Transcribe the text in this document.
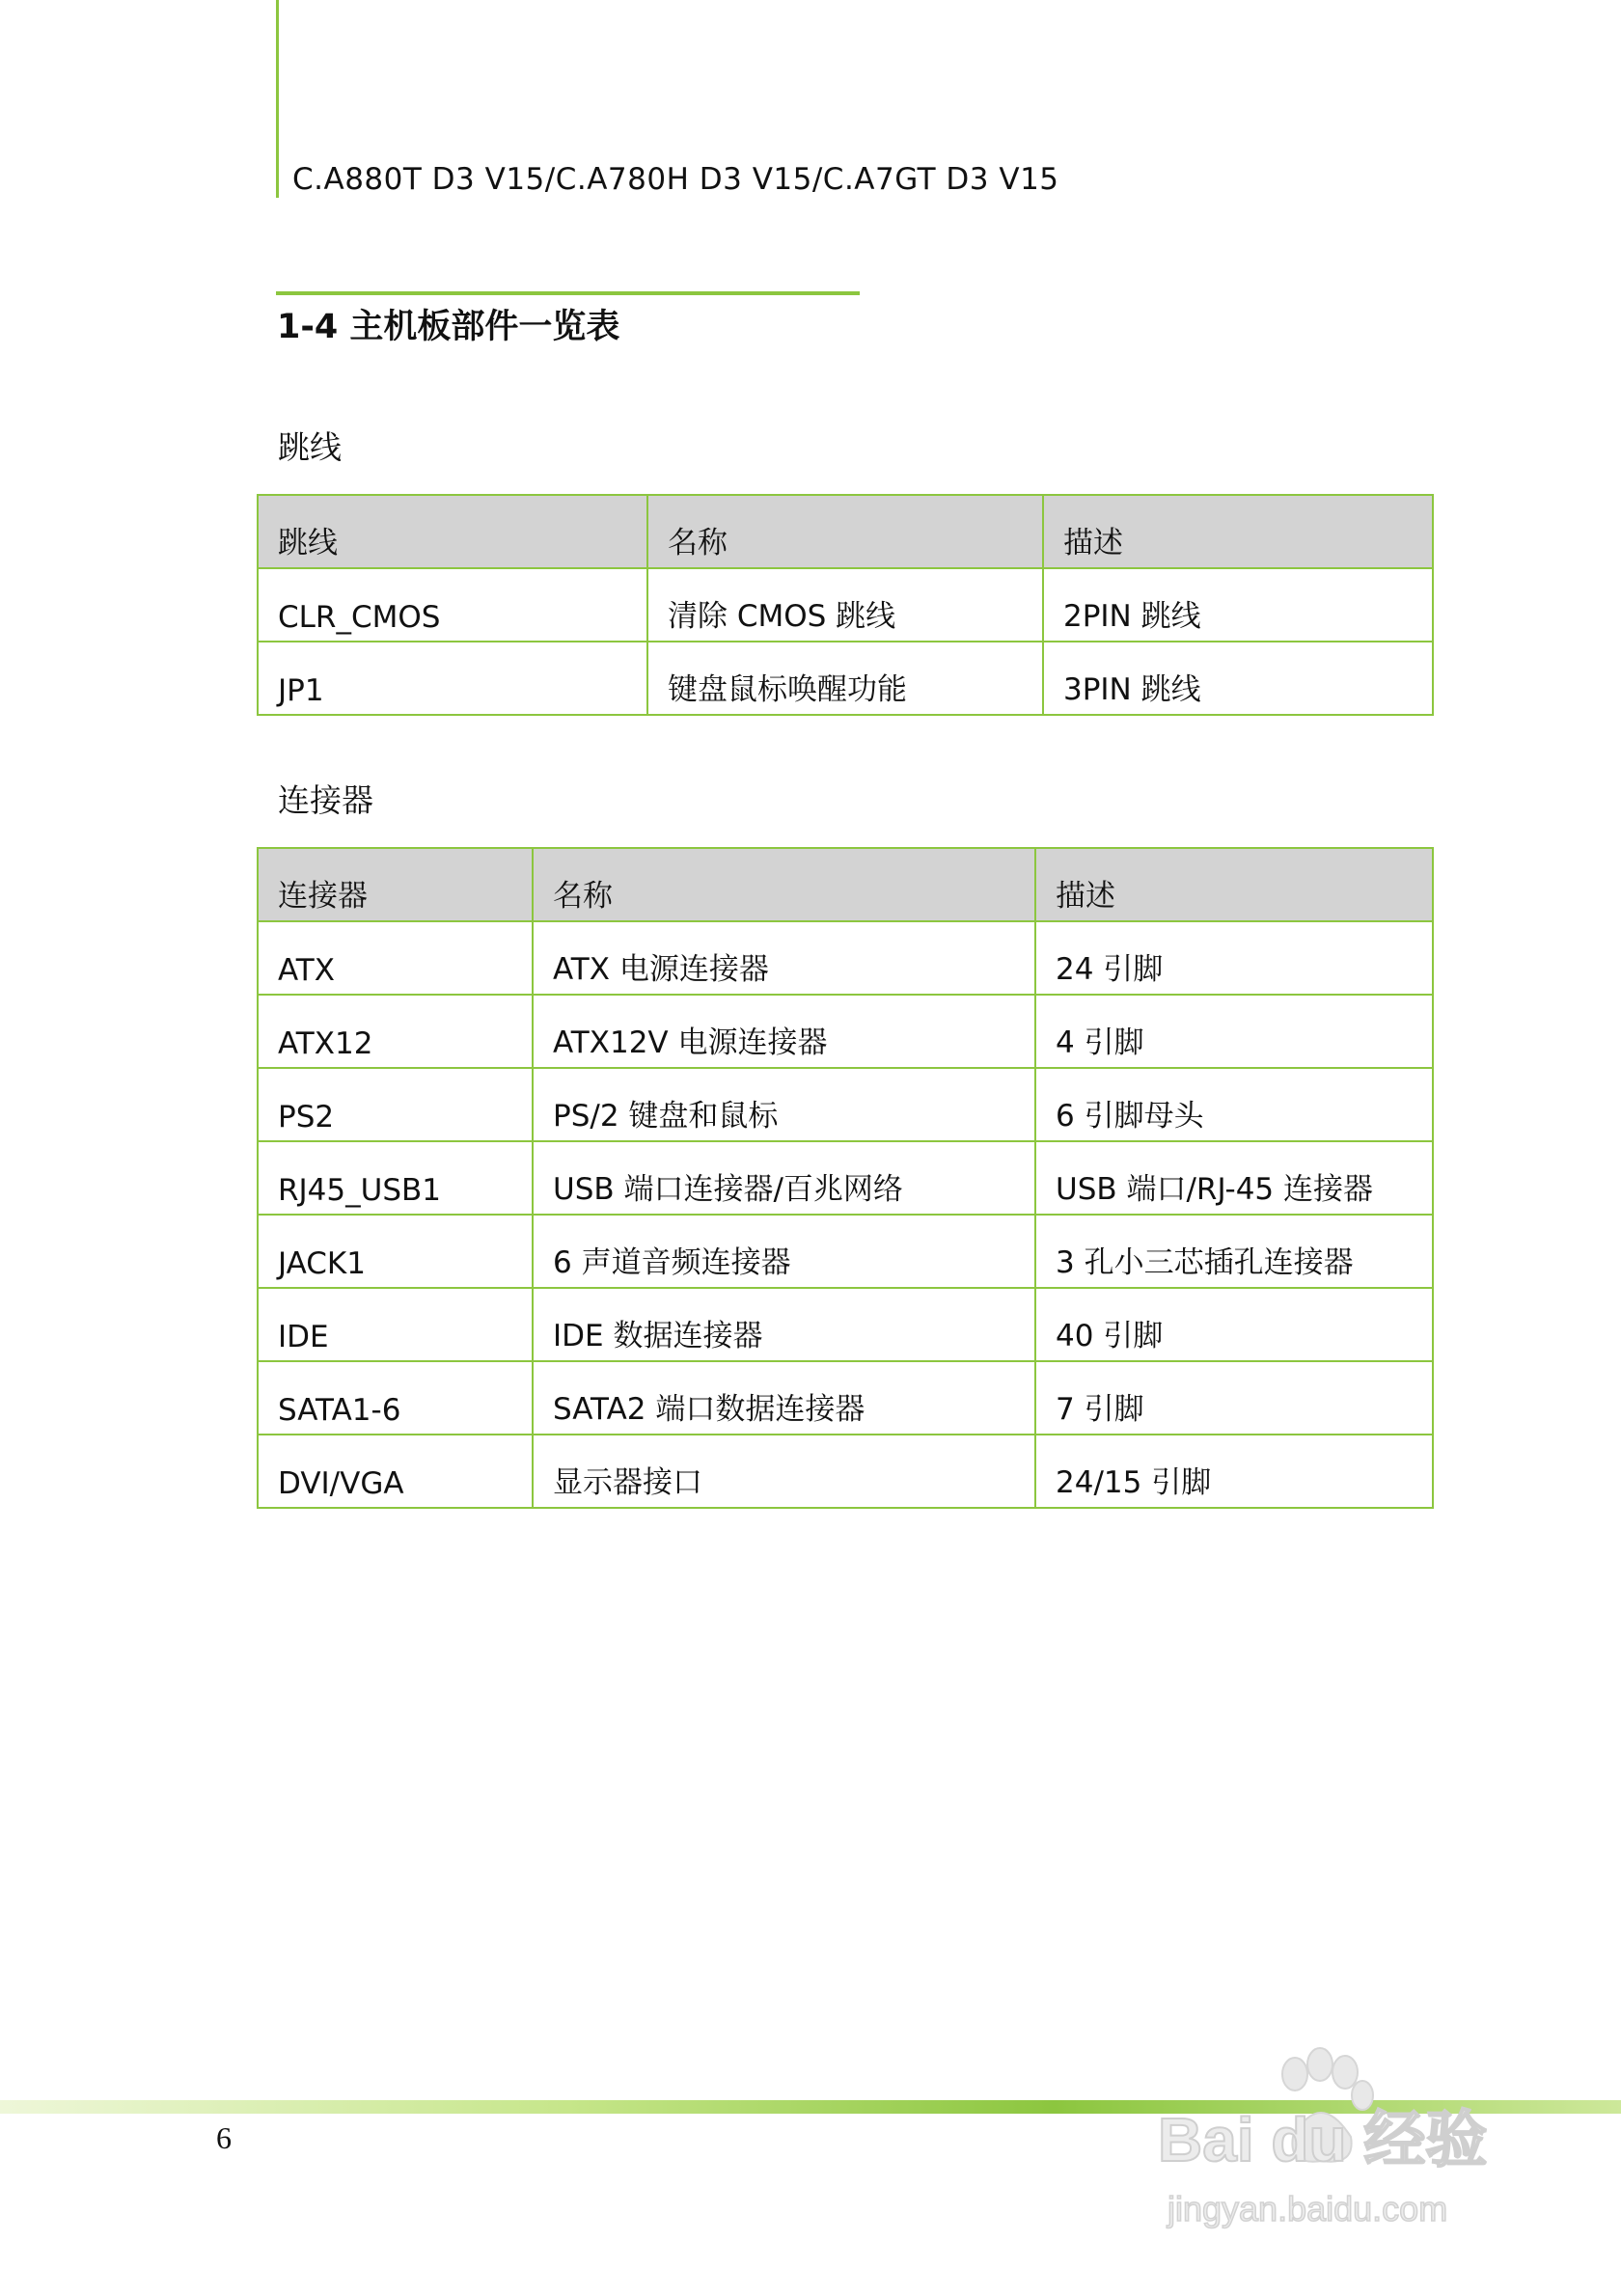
C.A880T D3 V15/C.A780H D3 V15/C.A7GT D3 V15
1-4 主机板部件一览表
跳线
跳线	名称	描述
CLR_CMOS	清除 CMOS 跳线	2PIN 跳线
JP1	键盘鼠标唤醒功能	3PIN 跳线
连接器
连接器	名称	描述
ATX	ATX 电源连接器	24 引脚
ATX12	ATX12V 电源连接器	4 引脚
PS2	PS/2 键盘和鼠标	6 引脚母头
RJ45_USB1	USB 端口连接器/百兆网络	USB 端口/RJ-45 连接器
JACK1	6 声道音频连接器	3 孔小三芯插孔连接器
IDE	IDE 数据连接器	40 引脚
SATA1-6	SATA2 端口数据连接器	7 引脚
DVI/VGA	显示器接口	24/15 引脚
6	Bai du 经验
jingyan.baidu.com
